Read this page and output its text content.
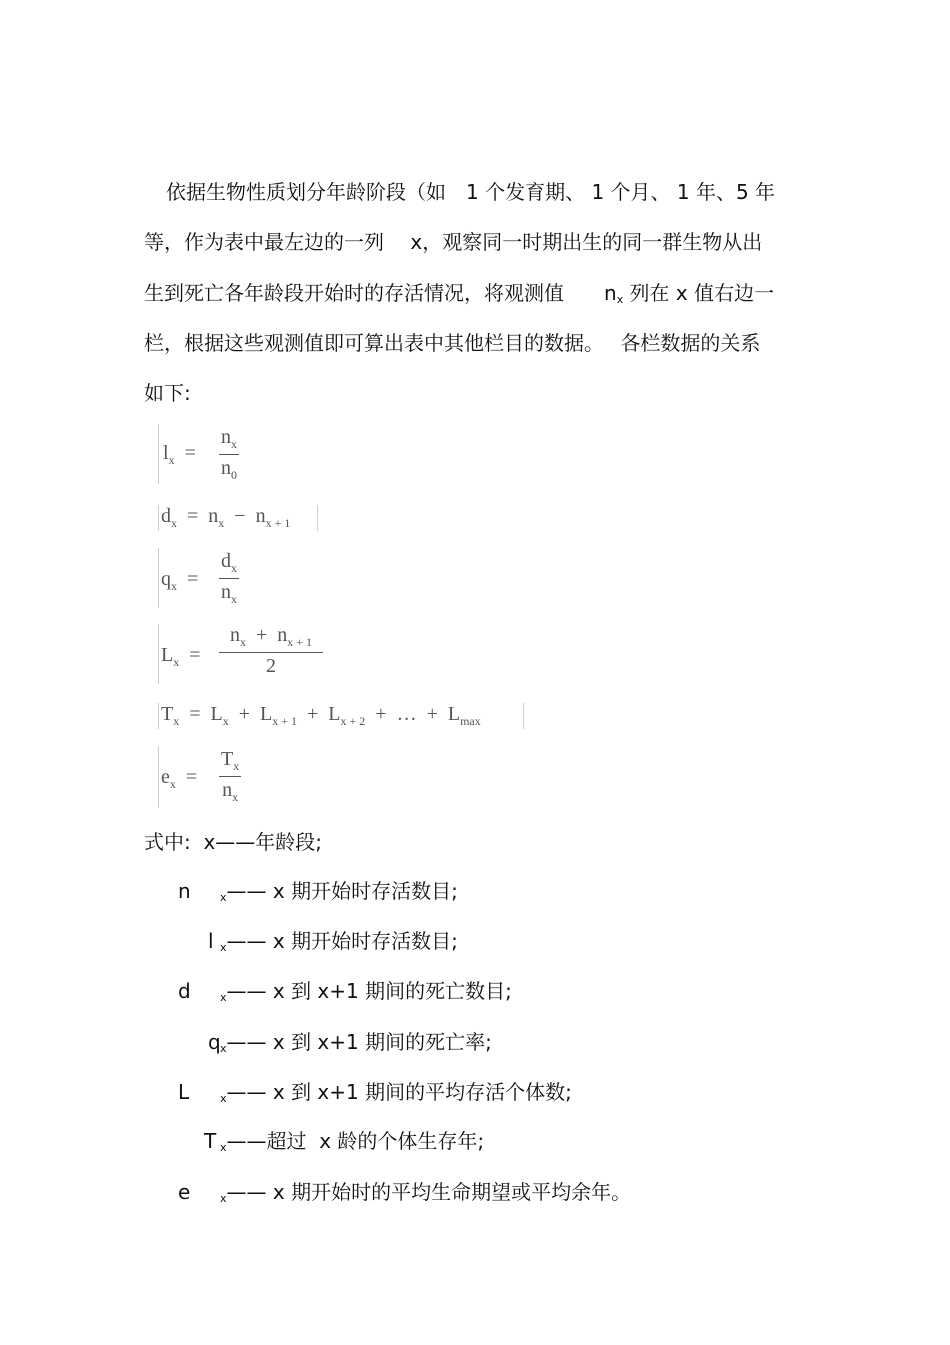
依据生物性质划分年龄阶段（如　1 个发育期、 1 个月、 1 年、5 年
等，作为表中最左边的一列　 x，观察同一时期出生的同一群生物从出
生到死亡各年龄段开始时的存活情况，将观测值　　nx 列在 x 值右边一
栏，根据这些观测值即可算出表中其他栏目的数据。　 各栏数据的关系
如下:
$l_x$ =	$\frac{n_x}{n_0}$
$d_x = n_x - n_{x + 1}$
$q_x$ =	$\frac{d_x}{n_x}$
$L_x = \frac{n_x + n_{x + 1}}{2}$
$T_x = L_x + L_{x + 1} + L_{x + 2}$ + … + $L_{max}$
$e_x$ =	$\frac{T_x}{n_x}$
式中:  x——年龄段;
n	x—— x 期开始时存活数目;
l x—— x 期开始时存活数目;
d	x—— x 到 x+1 期间的死亡数目;
q x—— x 到 x+1 期间的死亡率;
L	x—— x 到 x+1 期间的平均存活个体数;
T x——超过  x 龄的个体生存年;
e	x—— x 期开始时的平均生命期望或平均余年。
